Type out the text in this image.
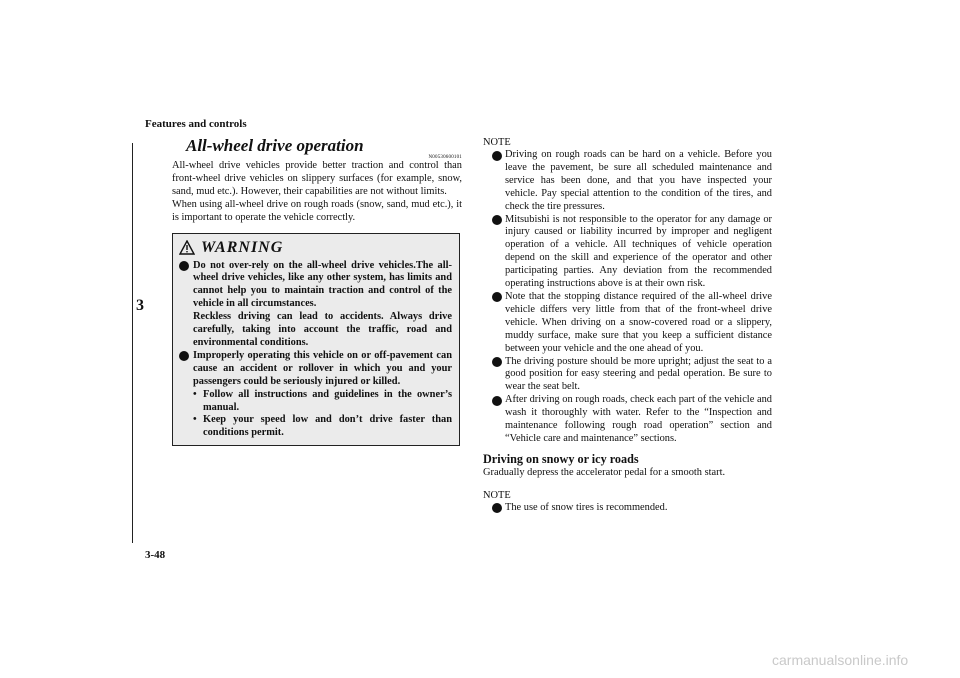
Features and controls
3
3-48
All-wheel drive operation
N00530600101

All-wheel drive vehicles provide better traction and control than front-wheel drive vehicles on slippery surfaces (for example, snow, sand, mud etc.). However, their capabilities are not without limits.

When using all-wheel drive on rough roads (snow, sand, mud etc.), it is important to operate the vehicle correctly.

WARNING
Do not over-rely on the all-wheel drive vehicles.The all-wheel drive vehicles, like any other system, has limits and cannot help you to maintain traction and control of the vehicle in all circumstances.
Reckless driving can lead to accidents. Always drive carefully, taking into account the traffic, road and environmental conditions.
Improperly operating this vehicle on or off-pavement can cause an accident or rollover in which you and your passengers could be seriously injured or killed.
• Follow all instructions and guidelines in the owner’s manual.
• Keep your speed low and don’t drive faster than conditions permit.
NOTE
Driving on rough roads can be hard on a vehicle. Before you leave the pavement, be sure all scheduled maintenance and service has been done, and that you have inspected your vehicle. Pay special attention to the condition of the tires, and check the tire pressures.
Mitsubishi is not responsible to the operator for any damage or injury caused or liability incurred by improper and negligent operation of a vehicle. All techniques of vehicle operation depend on the skill and experience of the operator and other participating parties. Any deviation from the recommended operating instructions above is at their own risk.
Note that the stopping distance required of the all-wheel drive vehicle differs very little from that of the front-wheel drive vehicle. When driving on a snow-covered road or a slippery, muddy surface, make sure that you keep a sufficient distance between your vehicle and the one ahead of you.
The driving posture should be more upright; adjust the seat to a good position for easy steering and pedal operation. Be sure to wear the seat belt.
After driving on rough roads, check each part of the vehicle and wash it thoroughly with water. Refer to the “Inspection and maintenance following rough road operation” section and “Vehicle care and maintenance” sections.
Driving on snowy or icy roads

Gradually depress the accelerator pedal for a smooth start.

NOTE
The use of snow tires is recommended.
carmanualsonline.info
